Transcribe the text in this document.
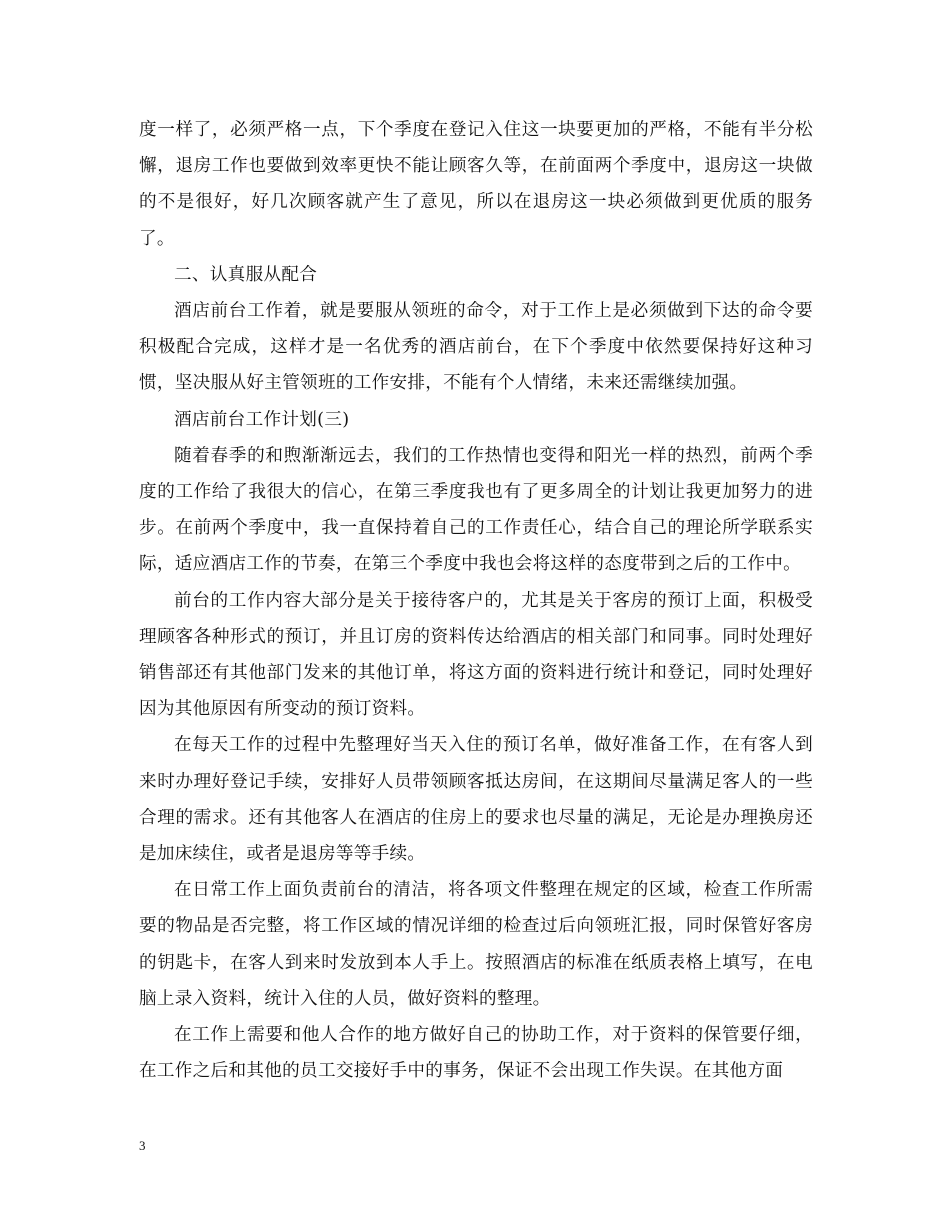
度一样了，必须严格一点，下个季度在登记入住这一块要更加的严格，不能有半分松懈，退房工作也要做到效率更快不能让顾客久等，在前面两个季度中，退房这一块做的不是很好，好几次顾客就产生了意见，所以在退房这一块必须做到更优质的服务了。

二、认真服从配合

酒店前台工作着，就是要服从领班的命令，对于工作上是必须做到下达的命令要积极配合完成，这样才是一名优秀的酒店前台，在下个季度中依然要保持好这种习惯，坚决服从好主管领班的工作安排，不能有个人情绪，未来还需继续加强。

酒店前台工作计划(三)

随着春季的和煦渐渐远去，我们的工作热情也变得和阳光一样的热烈，前两个季度的工作给了我很大的信心，在第三季度我也有了更多周全的计划让我更加努力的进步。在前两个季度中，我一直保持着自己的工作责任心，结合自己的理论所学联系实际，适应酒店工作的节奏，在第三个季度中我也会将这样的态度带到之后的工作中。

前台的工作内容大部分是关于接待客户的，尤其是关于客房的预订上面，积极受理顾客各种形式的预订，并且订房的资料传达给酒店的相关部门和同事。同时处理好销售部还有其他部门发来的其他订单，将这方面的资料进行统计和登记，同时处理好因为其他原因有所变动的预订资料。

在每天工作的过程中先整理好当天入住的预订名单，做好准备工作，在有客人到来时办理好登记手续，安排好人员带领顾客抵达房间，在这期间尽量满足客人的一些合理的需求。还有其他客人在酒店的住房上的要求也尽量的满足，无论是办理换房还是加床续住，或者是退房等等手续。

在日常工作上面负责前台的清洁，将各项文件整理在规定的区域，检查工作所需要的物品是否完整，将工作区域的情况详细的检查过后向领班汇报，同时保管好客房的钥匙卡，在客人到来时发放到本人手上。按照酒店的标准在纸质表格上填写，在电脑上录入资料，统计入住的人员，做好资料的整理。

在工作上需要和他人合作的地方做好自己的协助工作，对于资料的保管要仔细，在工作之后和其他的员工交接好手中的事务，保证不会出现工作失误。在其他方面

3
